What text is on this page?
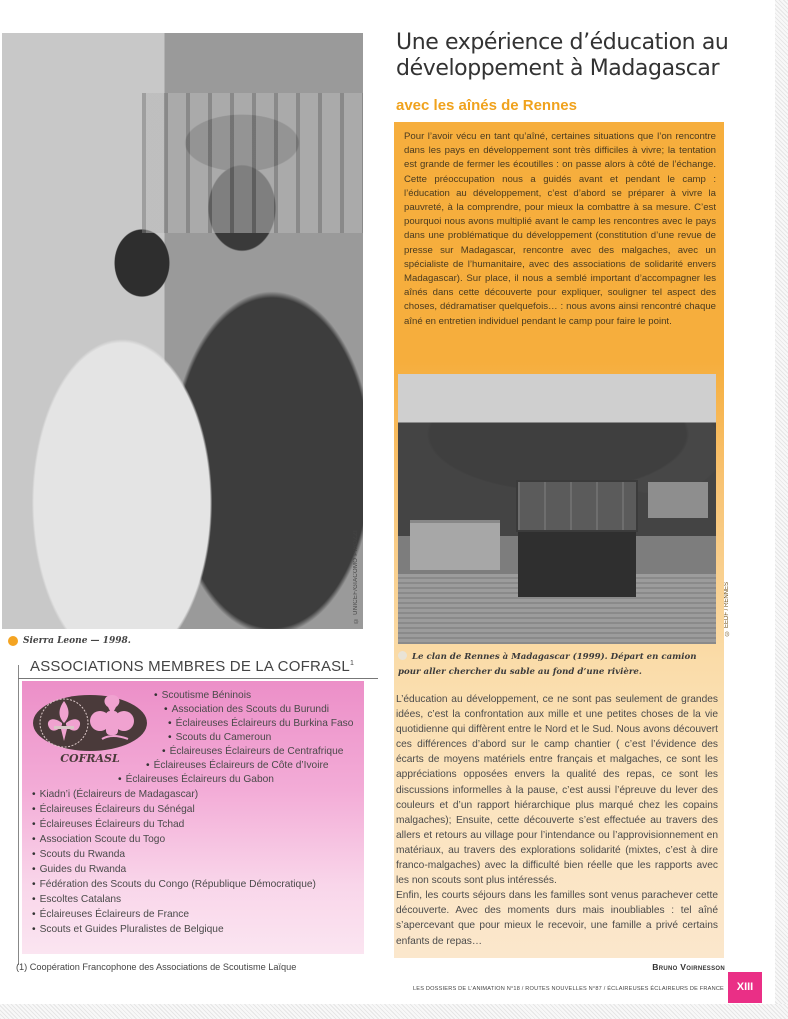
© UNICEF/GIACOMO PIROZZI
Sierra Leone — 1998.
ASSOCIATIONS MEMBRES DE LA COFRASL$^1$
COFRASL
• Scoutisme Béninois
• Association des Scouts du Burundi
• Éclaireuses Éclaireurs du Burkina Faso
• Scouts du Cameroun
• Éclaireuses Éclaireurs de Centrafrique
• Éclaireuses Éclaireurs de Côte d’Ivoire
• Éclaireuses Éclaireurs du Gabon
• Kiadn’i (Éclaireurs de Madagascar)
• Éclaireuses Éclaireurs du Sénégal
• Éclaireuses Éclaireurs du Tchad
• Association Scoute du Togo
• Scouts du Rwanda
• Guides du Rwanda
• Fédération des Scouts du Congo (République Démocratique)
• Escoltes Catalans
• Éclaireuses Éclaireurs de France
• Scouts et Guides Pluralistes de Belgique
Une expérience d’éducation au
développement à Madagascar
avec les aînés de Rennes

Pour l’avoir vécu en tant qu’aîné, certaines situations que l’on rencontre dans les pays en développement sont très difficiles à vivre; la tentation est grande de fermer les écoutilles : on passe alors à côté de l’échange. Cette préoccupation nous a guidés avant et pendant le camp : l’éducation au développement, c’est d’abord se préparer à vivre la pauvreté, à la comprendre, pour mieux la combattre à sa mesure. C’est pourquoi nous avons multiplié avant le camp les rencontres avec le pays dans une problématique du développement (constitution d’une revue de presse sur Madagascar, rencontre avec des malgaches, avec un spécialiste de l’humanitaire, avec des associations de solidarité envers Madagascar). Sur place, il nous a semblé important d’accompagner les aînés dans cette découverte pour expliquer, souligner tel aspect des choses, dédramatiser quelquefois… : nous avons ainsi rencontré chaque aîné en entretien individuel pendant le camp pour faire le point.

© EEDF / RENNES

Le clan de Rennes à Madagascar (1999). Départ en camion pour aller chercher du sable au fond d’une rivière.

L’éducation au développement, ce ne sont pas seulement de grandes idées, c’est la confrontation aux mille et une petites choses de la vie quotidienne qui diffèrent entre le Nord et le Sud. Nous avons découvert ces différences d’abord sur le camp chantier ( c’est l’évidence des écarts de moyens matériels entre français et malgaches, ce sont les appréciations opposées envers la qualité des repas, ce sont les discussions informelles à la pause, c’est aussi l’épreuve du lever des couleurs et d’un rapport hiérarchique plus marqué chez les copains malgaches); Ensuite, cette découverte s’est effectuée au travers des allers et retours au village pour l’intendance ou l’approvisionnement en matériaux, au travers des explorations solidarité (mixtes, c’est à dire franco-malgaches) avec la difficulté bien réelle que les rapports avec les non scouts sont plus intéressés.

Enfin, les courts séjours dans les familles sont venus parachever cette découverte. Avec des moments durs mais inoubliables : tel aîné s’apercevant que pour mieux le recevoir, une famille a privé certains enfants de repas…

(1) Coopération Francophone des Associations de Scoutisme Laïque	Bruno Voirnesson
LES DOSSIERS DE L’ANIMATION N°18 / ROUTES NOUVELLES N°87 / ÉCLAIREUSES ÉCLAIREURS DE FRANCE	XIII
